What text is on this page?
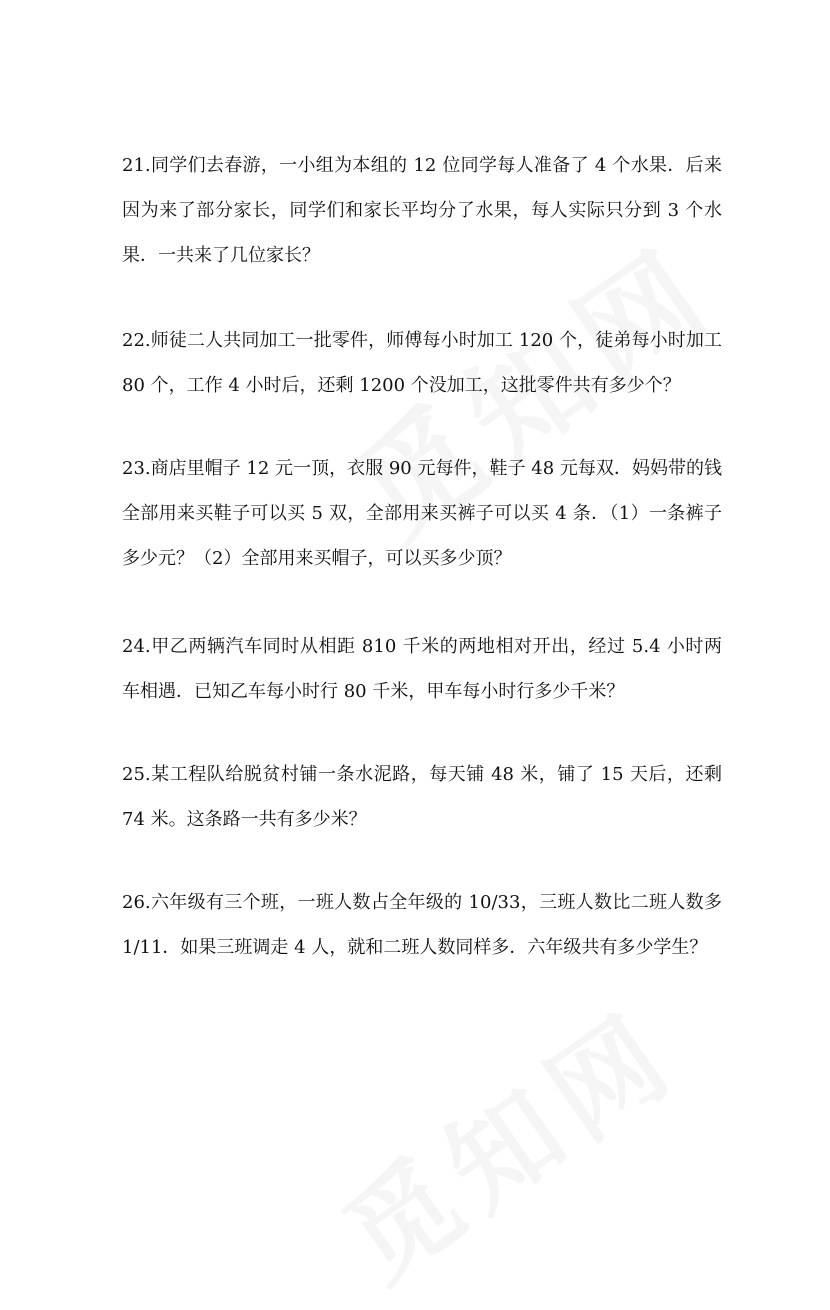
21.同学们去春游，一小组为本组的 12 位同学每人准备了 4 个水果．后来因为来了部分家长，同学们和家长平均分了水果，每人实际只分到 3 个水果．一共来了几位家长？

22.师徒二人共同加工一批零件，师傅每小时加工 120 个，徒弟每小时加工 80 个，工作 4 小时后，还剩 1200 个没加工，这批零件共有多少个？

23.商店里帽子 12 元一顶，衣服 90 元每件，鞋子 48 元每双．妈妈带的钱全部用来买鞋子可以买 5 双，全部用来买裤子可以买 4 条．（1）一条裤子多少元？（2）全部用来买帽子，可以买多少顶？

24.甲乙两辆汽车同时从相距 810 千米的两地相对开出，经过 5.4 小时两车相遇．已知乙车每小时行 80 千米，甲车每小时行多少千米？

25.某工程队给脱贫村铺一条水泥路，每天铺 48 米，铺了 15 天后，还剩 74 米。这条路一共有多少米？

26.六年级有三个班，一班人数占全年级的 10/33，三班人数比二班人数多 1/11．如果三班调走 4 人，就和二班人数同样多．六年级共有多少学生？
